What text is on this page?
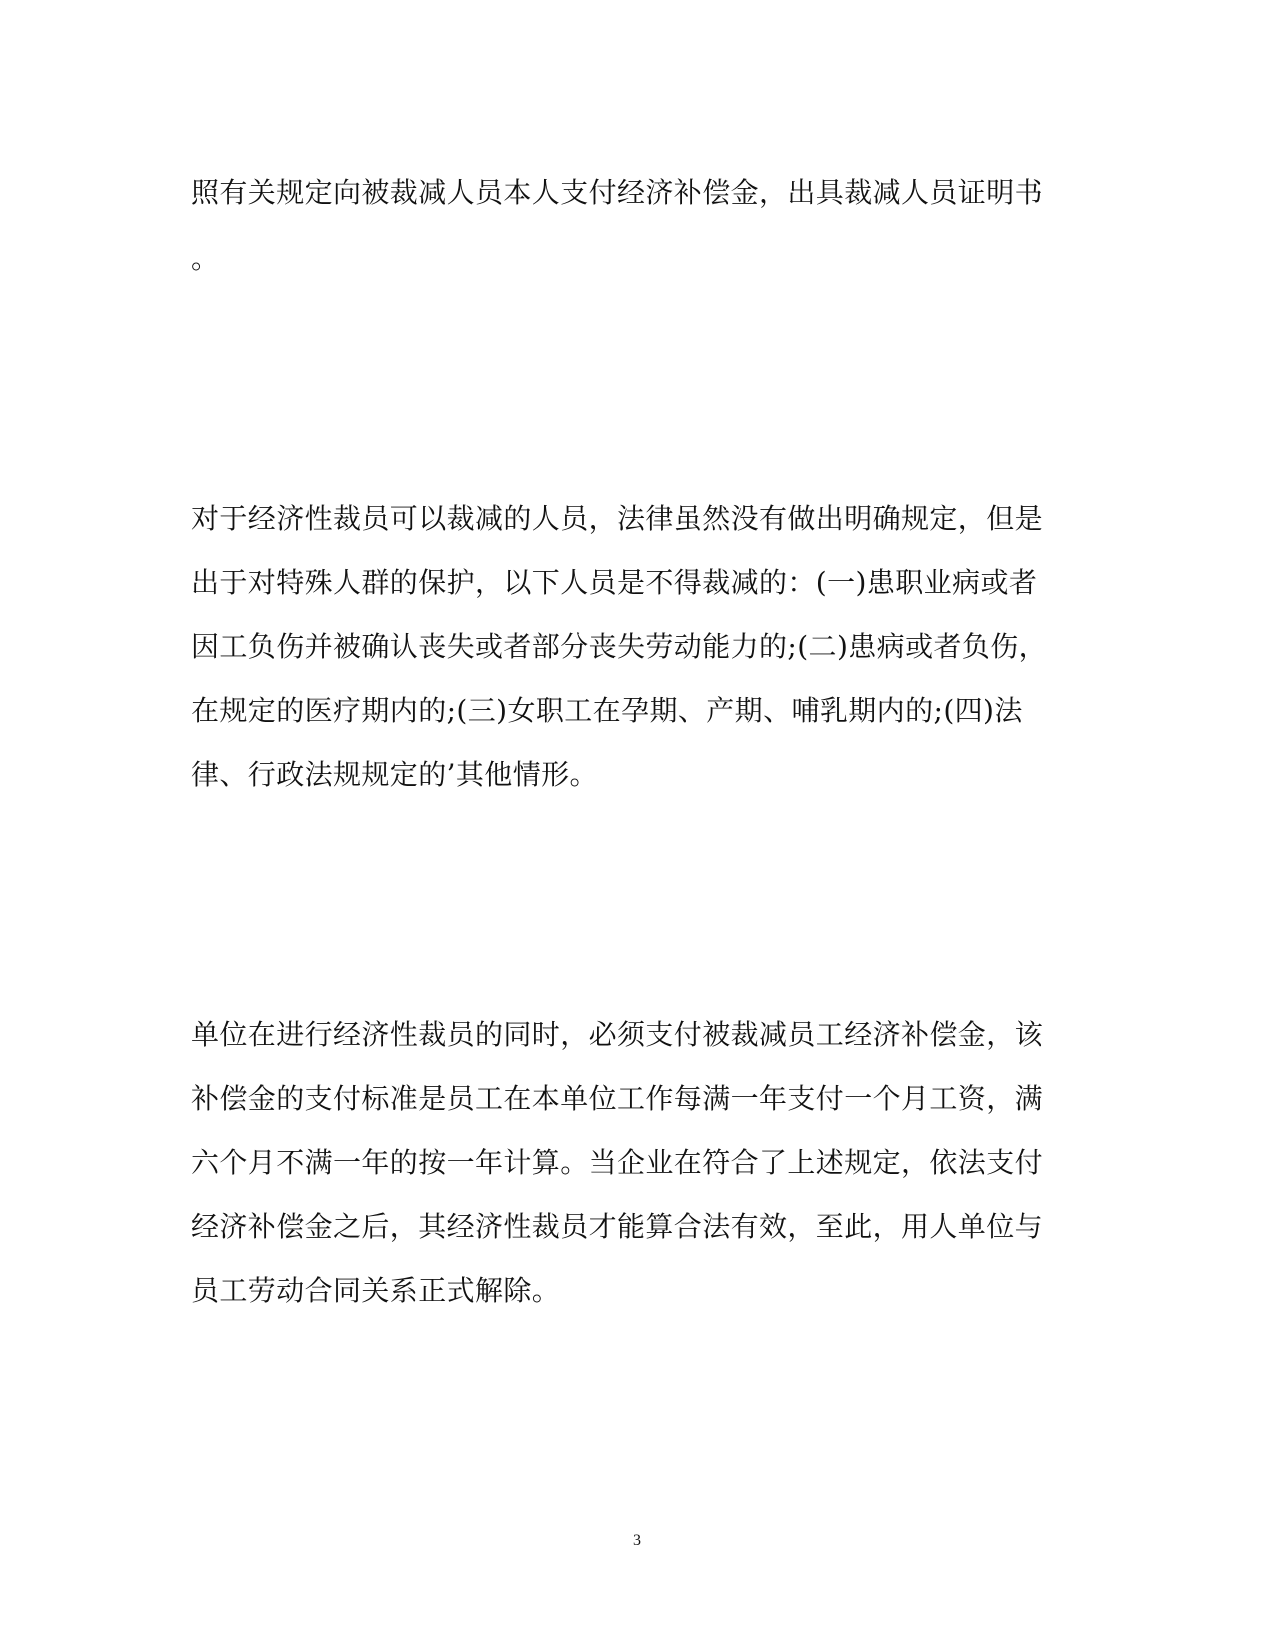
照有关规定向被裁减人员本人支付经济补偿金，出具裁减人员证明书
。
对于经济性裁员可以裁减的人员，法律虽然没有做出明确规定，但是
出于对特殊人群的保护，以下人员是不得裁减的：(一)患职业病或者
因工负伤并被确认丧失或者部分丧失劳动能力的;(二)患病或者负伤，
在规定的医疗期内的;(三)女职工在孕期、产期、哺乳期内的;(四)法
律、行政法规规定的’其他情形。
单位在进行经济性裁员的同时，必须支付被裁减员工经济补偿金，该
补偿金的支付标准是员工在本单位工作每满一年支付一个月工资，满
六个月不满一年的按一年计算。当企业在符合了上述规定，依法支付
经济补偿金之后，其经济性裁员才能算合法有效，至此，用人单位与
员工劳动合同关系正式解除。
3
